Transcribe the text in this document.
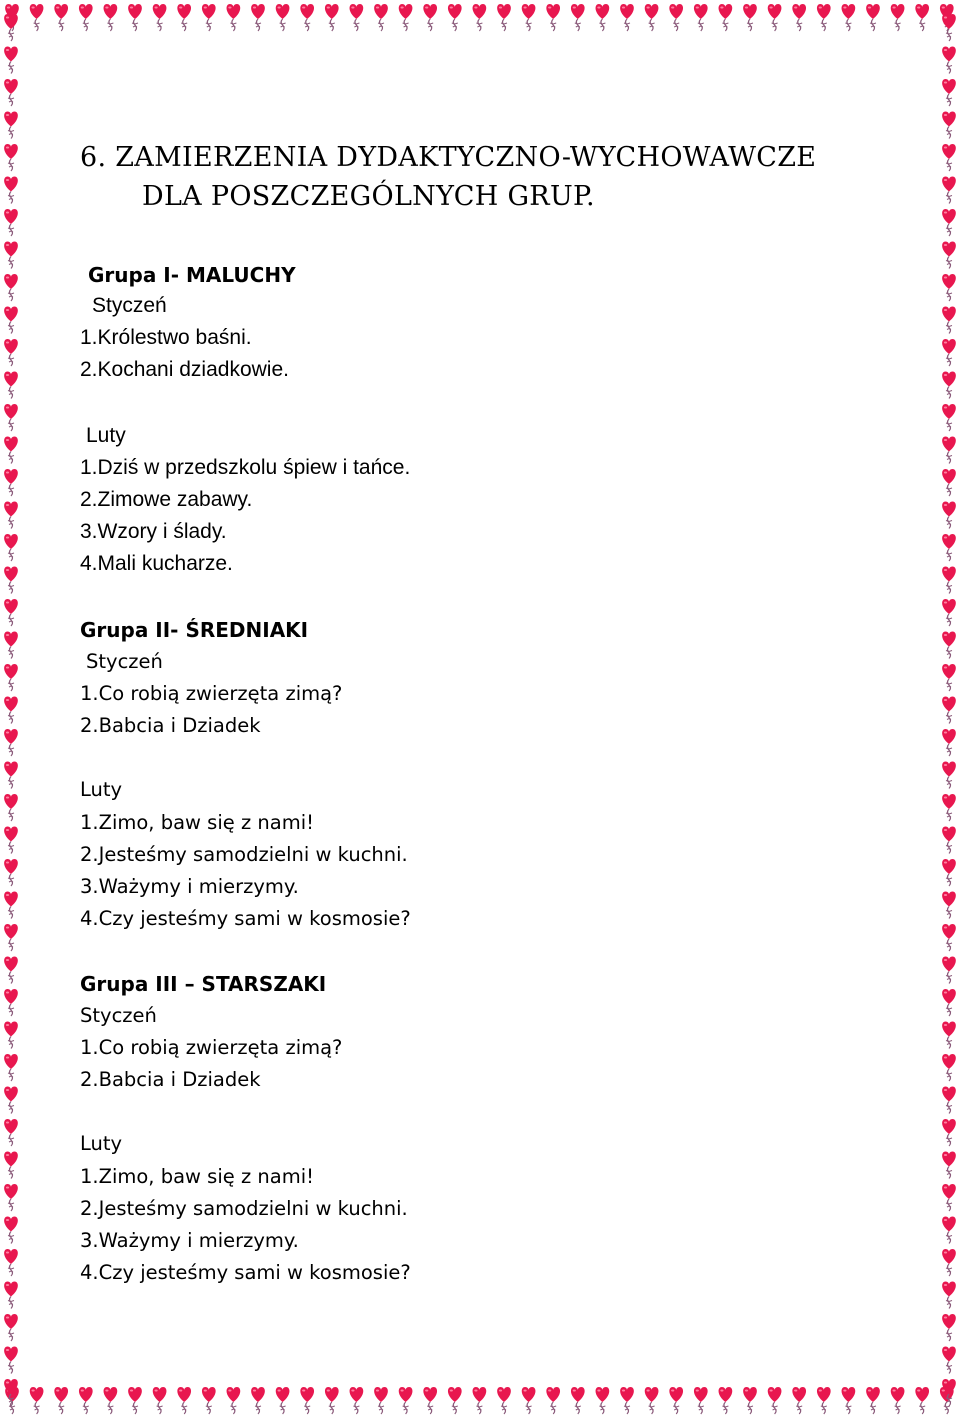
6. ZAMIERZENIA DYDAKTYCZNO-WYCHOWAWCZE
DLA POSZCZEGÓLNYCH GRUP.
Grupa I- MALUCHY
Styczeń
1.Królestwo baśni.
2.Kochani dziadkowie.
Luty
1.Dziś w przedszkolu śpiew i tańce.
2.Zimowe zabawy.
3.Wzory i ślady.
4.Mali kucharze.
Grupa II- ŚREDNIAKI
Styczeń
1.Co robią zwierzęta zimą?
2.Babcia i Dziadek
Luty
1.Zimo, baw się z nami!
2.Jesteśmy samodzielni w kuchni.
3.Ważymy i mierzymy.
4.Czy jesteśmy sami w kosmosie?
Grupa III – STARSZAKI
Styczeń
1.Co robią zwierzęta zimą?
2.Babcia i Dziadek
Luty
1.Zimo, baw się z nami!
2.Jesteśmy samodzielni w kuchni.
3.Ważymy i mierzymy.
4.Czy jesteśmy sami w kosmosie?
